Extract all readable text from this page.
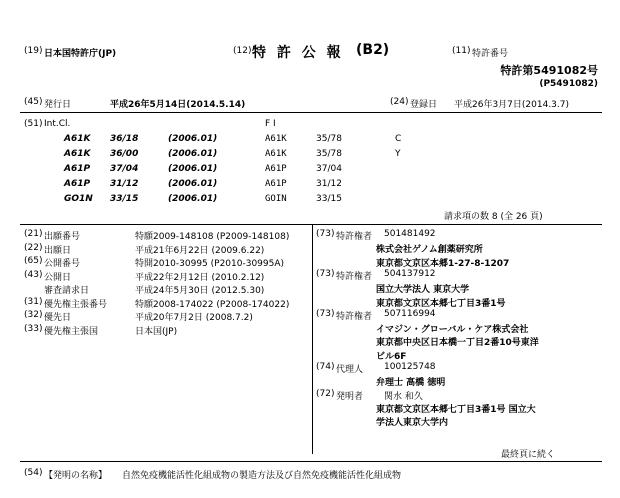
(19) 日本国特許庁(JP)	(12) 特 許 公 報 (B2)	(11) 特許番号
特許第5491082号
(P5491082)
(45) 発行日	平成26年5月14日(2014.5.14)	(24) 登録日 平成26年3月7日(2014.3.7)
(51) Int.Cl.	F I
A61K 36/18	(2006.01)	A61K	35/78	C
A61K 36/00	(2006.01)	A61K	35/78	Y
A61P 37/04	(2006.01)	A61P	37/04
A61P 31/12	(2006.01)	A61P	31/12
GO1N 33/15	(2006.01)	GOIN	33/15
請求項の数 8 (全 26 頁)
(21) 出願番号	特願2009-148108 (P2009-148108)
(22) 出願日	平成21年6月22日 (2009.6.22)
(65) 公開番号	特開2010-30995 (P2010-30995A)
(43) 公開日	平成22年2月12日 (2010.2.12)
審査請求日	平成24年5月30日 (2012.5.30)
(31) 優先権主張番号	特願2008-174022 (P2008-174022)
(32) 優先日	平成20年7月2日 (2008.7.2)
(33) 優先権主張国	日本国(JP)
(73) 特許権者 501481492
株式会社ゲノム創薬研究所
東京都文京区本郷1-27-8-1207
(73) 特許権者 504137912
国立大学法人 東京大学
東京都文京区本郷七丁目3番1号
(73) 特許権者 507116994
イマジン・グローバル・ケア株式会社
東京都中央区日本橋一丁目2番10号東洋
ビル6F
(74) 代理人 100125748
弁理士 高橋 徳明
(72) 発明者 関水 和久
東京都文京区本郷七丁目3番1号 国立大
学法人東京大学内
最終頁に続く
(54) 【発明の名称】 自然免疫機能活性化組成物の製造方法及び自然免疫機能活性化組成物
